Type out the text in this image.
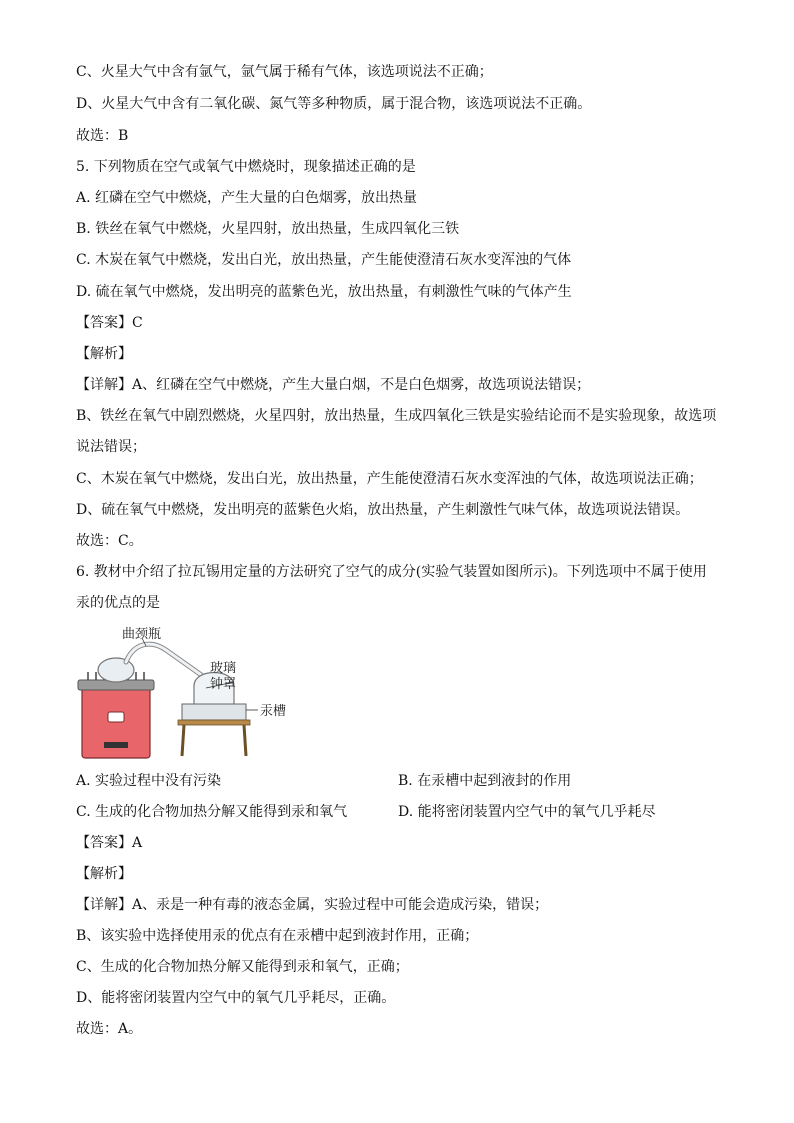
C、火星大气中含有氩气，氩气属于稀有气体，该选项说法不正确；
D、火星大气中含有二氧化碳、氮气等多种物质，属于混合物，该选项说法不正确。
故选：B
5. 下列物质在空气或氧气中燃烧时，现象描述正确的是
A. 红磷在空气中燃烧，产生大量的白色烟雾，放出热量
B. 铁丝在氧气中燃烧，火星四射，放出热量，生成四氧化三铁
C. 木炭在氧气中燃烧，发出白光，放出热量，产生能使澄清石灰水变浑浊的气体
D. 硫在氧气中燃烧，发出明亮的蓝紫色光，放出热量，有刺激性气味的气体产生
【答案】C
【解析】
【详解】A、红磷在空气中燃烧，产生大量白烟，不是白色烟雾，故选项说法错误；
B、铁丝在氧气中剧烈燃烧，火星四射，放出热量，生成四氧化三铁是实验结论而不是实验现象，故选项
说法错误；
C、木炭在氧气中燃烧，发出白光，放出热量，产生能使澄清石灰水变浑浊的气体，故选项说法正确；
D、硫在氧气中燃烧，发出明亮的蓝紫色火焰，放出热量，产生刺激性气味气体，故选项说法错误。
故选：C。
6. 教材中介绍了拉瓦锡用定量的方法研究了空气的成分(实验气装置如图所示)。下列选项中不属于使用
汞的优点的是
曲颈瓶
玻璃
钟罩
汞槽
A. 实验过程中没有污染	B. 在汞槽中起到液封的作用
C. 生成的化合物加热分解又能得到汞和氧气	D. 能将密闭装置内空气中的氧气几乎耗尽
【答案】A
【解析】
【详解】A、汞是一种有毒的液态金属，实验过程中可能会造成污染，错误；
B、该实验中选择使用汞的优点有在汞槽中起到液封作用，正确；
C、生成的化合物加热分解又能得到汞和氧气，正确；
D、能将密闭装置内空气中的氧气几乎耗尽，正确。
故选：A。
